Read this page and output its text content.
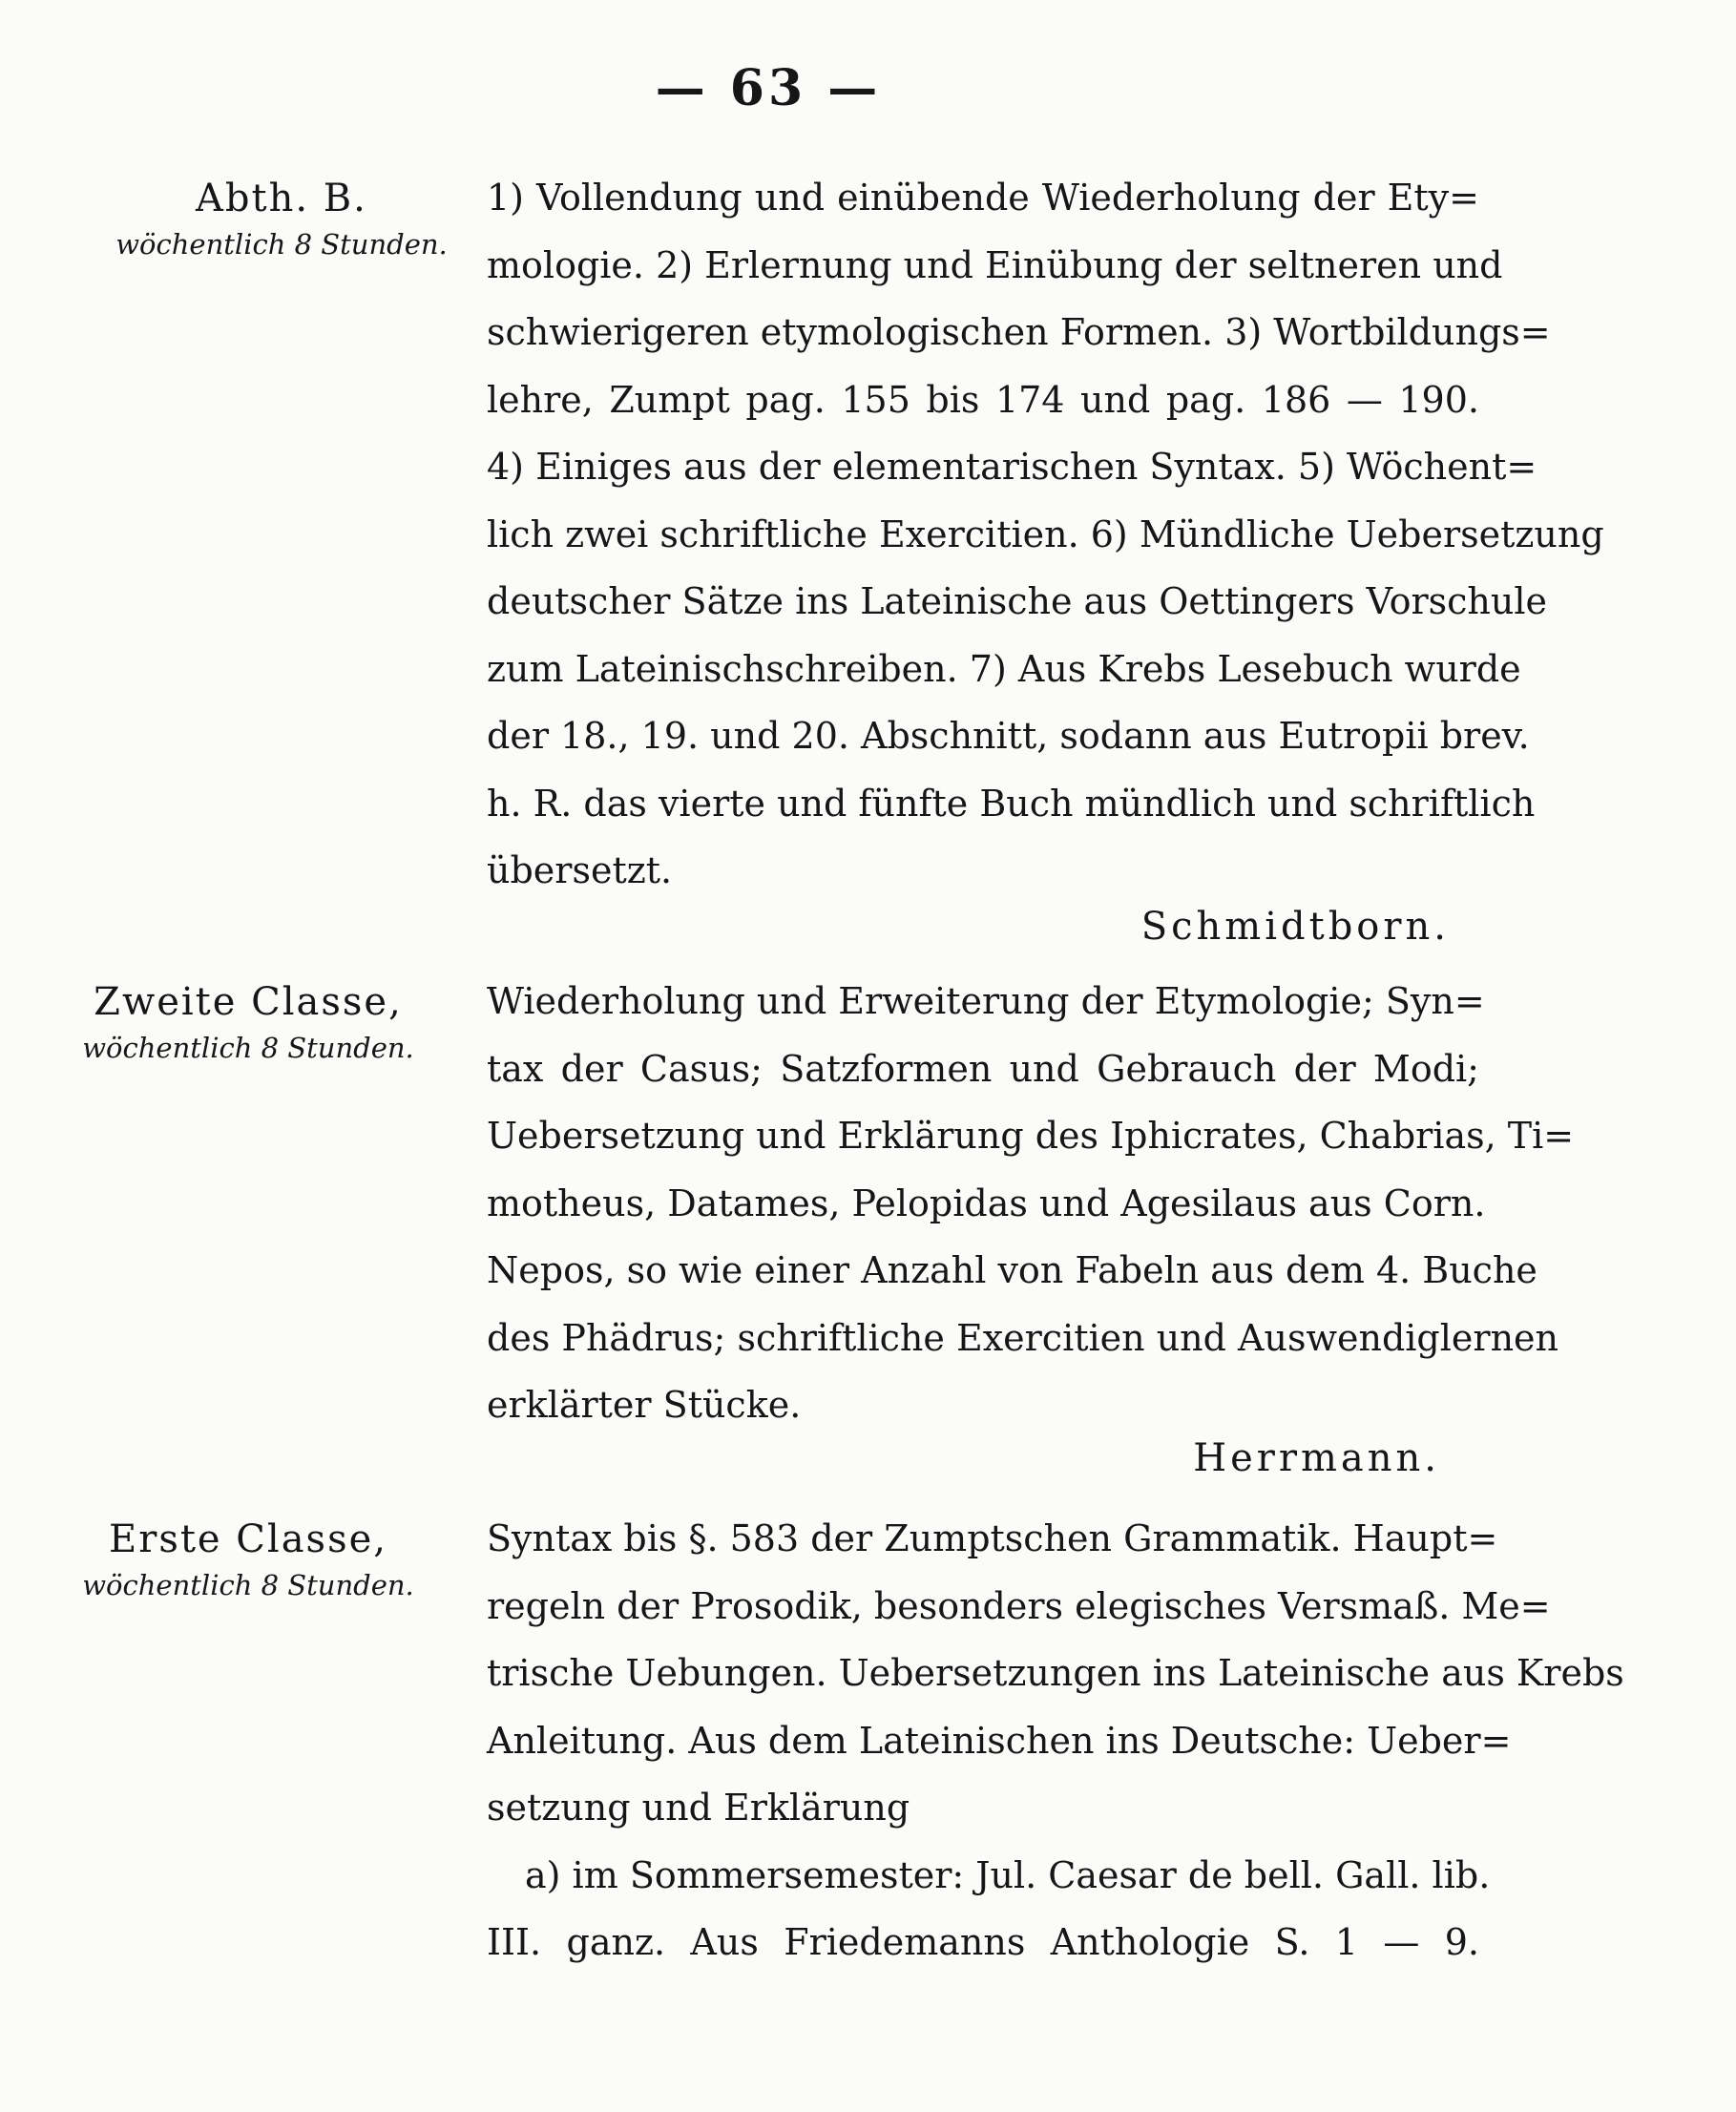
— 63 —
Abth. B.
wöchentlich 8 Stunden.
1) Vollendung und einübende Wiederholung der Ety=
mologie. 2) Erlernung und Einübung der seltneren und
schwierigeren etymologischen Formen. 3) Wortbildungs=
lehre, Zumpt pag. 155 bis 174 und pag. 186 — 190.
4) Einiges aus der elementarischen Syntax. 5) Wöchent=
lich zwei schriftliche Exercitien. 6) Mündliche Uebersetzung
deutscher Sätze ins Lateinische aus Oettingers Vorschule
zum Lateinischschreiben. 7) Aus Krebs Lesebuch wurde
der 18., 19. und 20. Abschnitt, sodann aus Eutropii brev.
h. R. das vierte und fünfte Buch mündlich und schriftlich
übersetzt.
Schmidtborn.
Zweite Classe,
wöchentlich 8 Stunden.
Wiederholung und Erweiterung der Etymologie; Syn=
tax der Casus; Satzformen und Gebrauch der Modi;
Uebersetzung und Erklärung des Iphicrates, Chabrias, Ti=
motheus, Datames, Pelopidas und Agesilaus aus Corn.
Nepos, so wie einer Anzahl von Fabeln aus dem 4. Buche
des Phädrus; schriftliche Exercitien und Auswendiglernen
erklärter Stücke.
Herrmann.
Erste Classe,
wöchentlich 8 Stunden.
Syntax bis §. 583 der Zumptschen Grammatik. Haupt=
regeln der Prosodik, besonders elegisches Versmaß. Me=
trische Uebungen. Uebersetzungen ins Lateinische aus Krebs
Anleitung. Aus dem Lateinischen ins Deutsche: Ueber=
setzung und Erklärung
a) im Sommersemester: Jul. Caesar de bell. Gall. lib.
III. ganz. Aus Friedemanns Anthologie S. 1 — 9.
